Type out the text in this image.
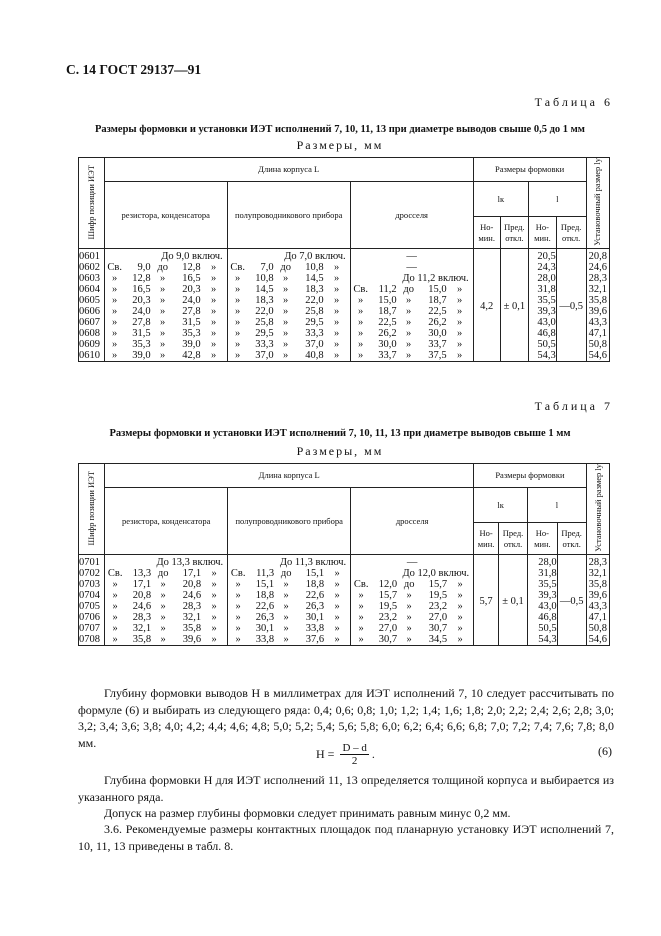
С. 14 ГОСТ 29137—91
Таблица 6
Размеры формовки и установки ИЭТ исполнений 7, 10, 11, 13 при диаметре выводов свыше 0,5 до 1 мм
Размеры, мм
Шифр позиции ИЭТ	Длина корпуса L			Размеры формовки				Установочный размер lу
	резистора, конденсатора	полупроводникового прибора	дросселя	lк		l		
				Но- мин.	Пред. откл.	Но- мин.	Пред. откл.	
0601	До 9,0 включ.	До 7,0 включ.	—	4,2	± 0,1	20,5	—0,5	20,8
0602	Св. 9,0 до 12,8 »	Св. 7,0 до 10,8 »	—			24,3		24,6
0603	» 12,8 » 16,5 »	» 10,8 » 14,5 »	До 11,2 включ.			28,0		28,3
0604	» 16,5 » 20,3 »	» 14,5 » 18,3 »	Св. 11,2 до 15,0 »			31,8		32,1
0605	» 20,3 » 24,0 »	» 18,3 » 22,0 »	» 15,0 » 18,7 »			35,5		35,8
0606	» 24,0 » 27,8 »	» 22,0 » 25,8 »	» 18,7 » 22,5 »			39,3		39,6
0607	» 27,8 » 31,5 »	» 25,8 » 29,5 »	» 22,5 » 26,2 »			43,0		43,3
0608	» 31,5 » 35,3 »	» 29,5 » 33,3 »	» 26,2 » 30,0 »			46,8		47,1
0609	» 35,3 » 39,0 »	» 33,3 » 37,0 »	» 30,0 » 33,7 »			50,5		50,8
0610	» 39,0 » 42,8 »	» 37,0 » 40,8 »	» 33,7 » 37,5 »			54,3		54,6
Таблица 7
Размеры формовки и установки ИЭТ исполнений 7, 10, 11, 13 при диаметре выводов свыше 1 мм
Размеры, мм
Шифр позиции ИЭТ	Длина корпуса L			Размеры формовки				Установочный размер lу
	резистора, конденсатора	полупроводникового прибора	дросселя	lк		l		
				Но- мин.	Пред. откл.	Но- мин.	Пред. откл.	
0701	До 13,3 включ.	До 11,3 включ.	—	5,7	± 0,1	28,0	—0,5	28,3
0702	Св. 13,3 до 17,1 »	Св. 11,3 до 15,1 »	До 12,0 включ.			31,8		32,1
0703	» 17,1 » 20,8 »	» 15,1 » 18,8 »	Св. 12,0 до 15,7 »			35,5		35,8
0704	» 20,8 » 24,6 »	» 18,8 » 22,6 »	» 15,7 » 19,5 »			39,3		39,6
0705	» 24,6 » 28,3 »	» 22,6 » 26,3 »	» 19,5 » 23,2 »			43,0		43,3
0706	» 28,3 » 32,1 »	» 26,3 » 30,1 »	» 23,2 » 27,0 »			46,8		47,1
0707	» 32,1 » 35,8 »	» 30,1 » 33,8 »	» 27,0 » 30,7 »			50,5		50,8
0708	» 35,8 » 39,6 »	» 33,8 » 37,6 »	» 30,7 » 34,5 »			54,3		54,6
Глубину формовки выводов H в миллиметрах для ИЭТ исполнений 7, 10 следует рассчитывать по формуле (6) и выбирать из следующего ряда: 0,4; 0,6; 0,8; 1,0; 1,2; 1,4; 1,6; 1,8; 2,0; 2,2; 2,4; 2,6; 2,8; 3,0; 3,2; 3,4; 3,6; 3,8; 4,0; 4,2; 4,4; 4,6; 4,8; 5,0; 5,2; 5,4; 5,6; 5,8; 6,0; 6,2; 6,4; 6,6; 6,8; 7,0; 7,2; 7,4; 7,6; 7,8; 8,0 мм.
$H = \frac{D - d}{2}$ .	(6)
Глубина формовки H для ИЭТ исполнений 11, 13 определяется толщиной корпуса и выбирается из указанного ряда.
Допуск на размер глубины формовки следует принимать равным минус 0,2 мм.
3.6. Рекомендуемые размеры контактных площадок под планарную установку ИЭТ исполнений 7, 10, 11, 13 приведены в табл. 8.
